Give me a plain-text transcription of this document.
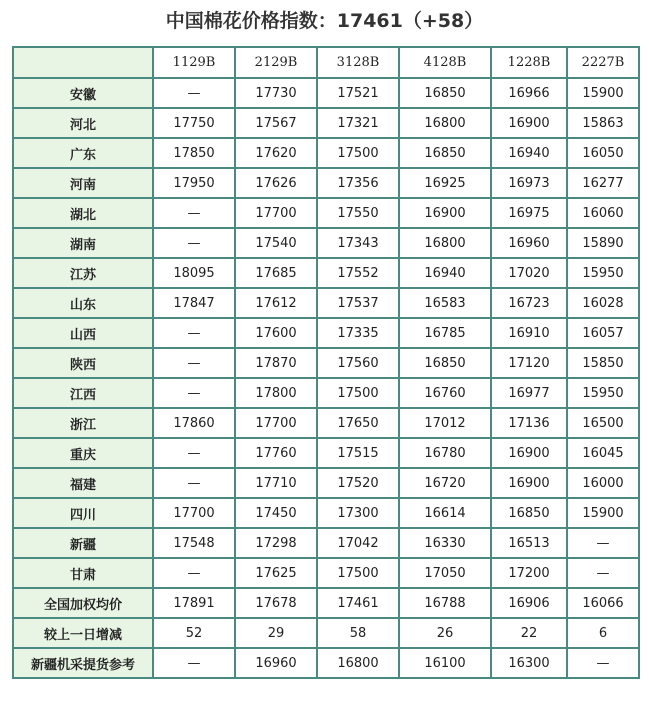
中国棉花价格指数：17461（+58）
	1129B	2129B	3128B	4128B	1228B	2227B
安徽	—	17730	17521	16850	16966	15900
河北	17750	17567	17321	16800	16900	15863
广东	17850	17620	17500	16850	16940	16050
河南	17950	17626	17356	16925	16973	16277
湖北	—	17700	17550	16900	16975	16060
湖南	—	17540	17343	16800	16960	15890
江苏	18095	17685	17552	16940	17020	15950
山东	17847	17612	17537	16583	16723	16028
山西	—	17600	17335	16785	16910	16057
陕西	—	17870	17560	16850	17120	15850
江西	—	17800	17500	16760	16977	15950
浙江	17860	17700	17650	17012	17136	16500
重庆	—	17760	17515	16780	16900	16045
福建	—	17710	17520	16720	16900	16000
四川	17700	17450	17300	16614	16850	15900
新疆	17548	17298	17042	16330	16513	—
甘肃	—	17625	17500	17050	17200	—
全国加权均价	17891	17678	17461	16788	16906	16066
较上一日增减	52	29	58	26	22	6
新疆机采提货参考	—	16960	16800	16100	16300	—
